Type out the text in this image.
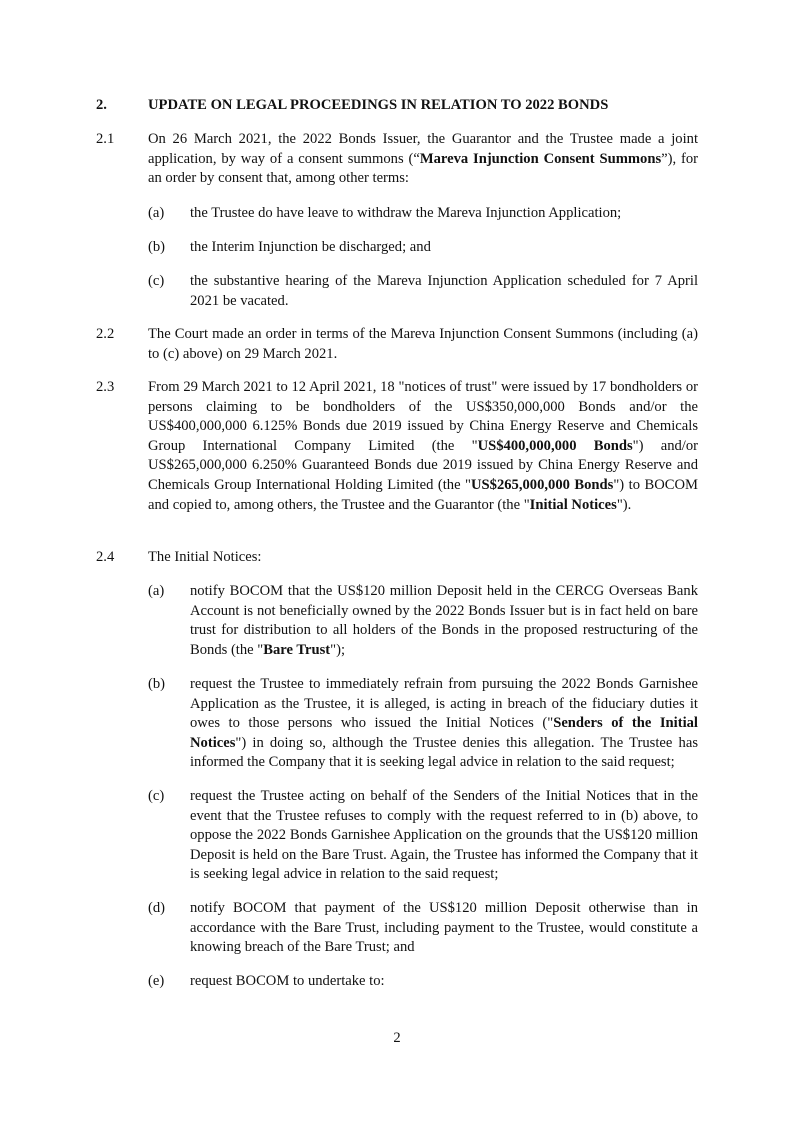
2.	UPDATE ON LEGAL PROCEEDINGS IN RELATION TO 2022 BONDS
2.1 On 26 March 2021, the 2022 Bonds Issuer, the Guarantor and the Trustee made a joint application, by way of a consent summons (“Mareva Injunction Consent Summons”), for an order by consent that, among other terms:
(a) the Trustee do have leave to withdraw the Mareva Injunction Application;
(b) the Interim Injunction be discharged; and
(c) the substantive hearing of the Mareva Injunction Application scheduled for 7 April 2021 be vacated.
2.2 The Court made an order in terms of the Mareva Injunction Consent Summons (including (a) to (c) above) on 29 March 2021.
2.3 From 29 March 2021 to 12 April 2021, 18 "notices of trust" were issued by 17 bondholders or persons claiming to be bondholders of the US$350,000,000 Bonds and/or the US$400,000,000 6.125% Bonds due 2019 issued by China Energy Reserve and Chemicals Group International Company Limited (the "US$400,000,000 Bonds") and/or US$265,000,000 6.250% Guaranteed Bonds due 2019 issued by China Energy Reserve and Chemicals Group International Holding Limited (the "US$265,000,000 Bonds") to BOCOM and copied to, among others, the Trustee and the Guarantor (the "Initial Notices").
2.4 The Initial Notices:
(a) notify BOCOM that the US$120 million Deposit held in the CERCG Overseas Bank Account is not beneficially owned by the 2022 Bonds Issuer but is in fact held on bare trust for distribution to all holders of the Bonds in the proposed restructuring of the Bonds (the "Bare Trust");
(b) request the Trustee to immediately refrain from pursuing the 2022 Bonds Garnishee Application as the Trustee, it is alleged, is acting in breach of the fiduciary duties it owes to those persons who issued the Initial Notices ("Senders of the Initial Notices") in doing so, although the Trustee denies this allegation. The Trustee has informed the Company that it is seeking legal advice in relation to the said request;
(c) request the Trustee acting on behalf of the Senders of the Initial Notices that in the event that the Trustee refuses to comply with the request referred to in (b) above, to oppose the 2022 Bonds Garnishee Application on the grounds that the US$120 million Deposit is held on the Bare Trust. Again, the Trustee has informed the Company that it is seeking legal advice in relation to the said request;
(d) notify BOCOM that payment of the US$120 million Deposit otherwise than in accordance with the Bare Trust, including payment to the Trustee, would constitute a knowing breach of the Bare Trust; and
(e) request BOCOM to undertake to:
2
